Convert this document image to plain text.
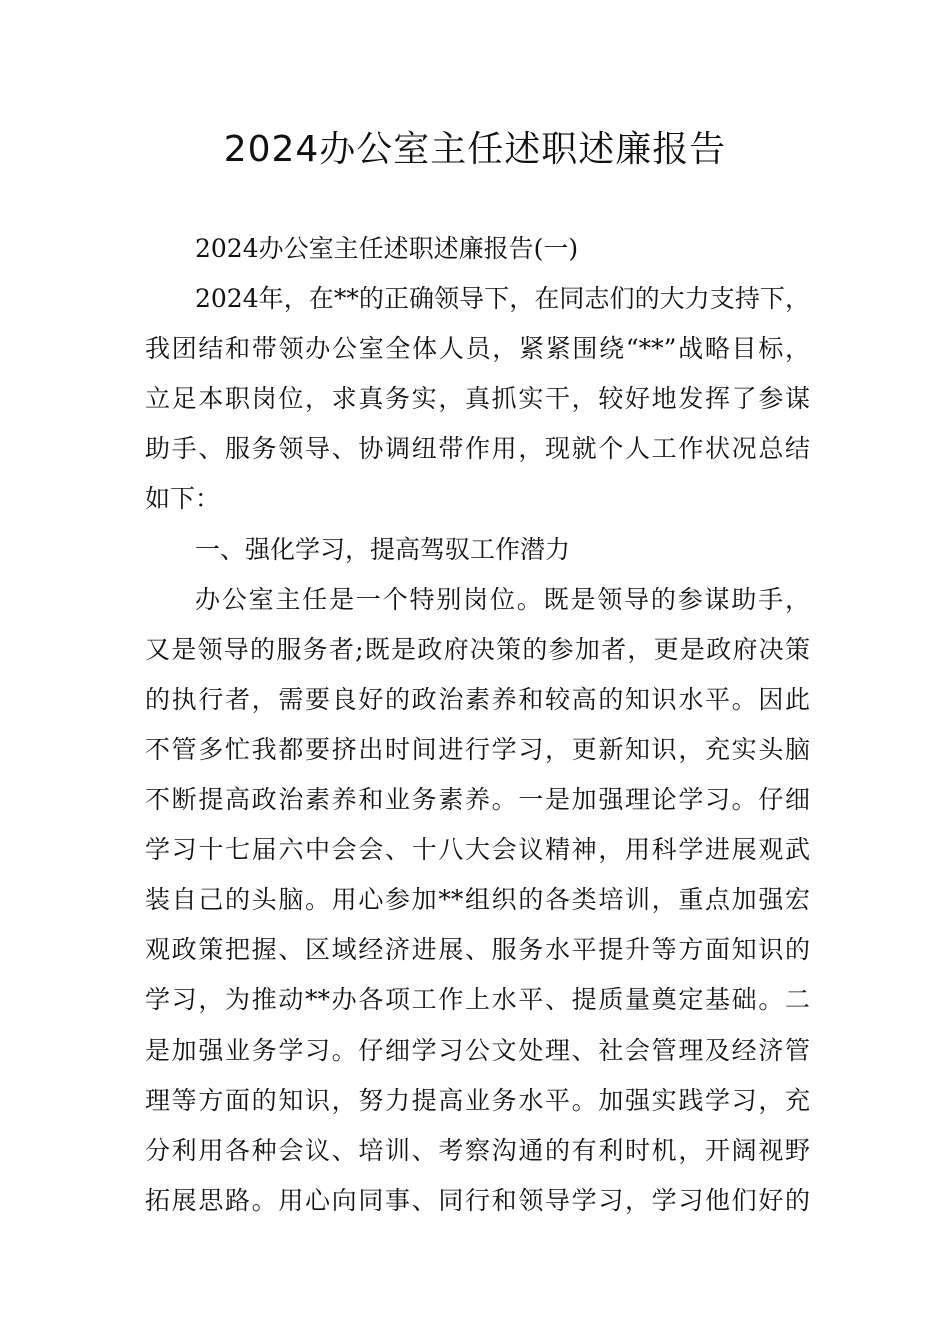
2024办公室主任述职述廉报告
2024办公室主任述职述廉报告(一)
2024年，在**的正确领导下，在同志们的大力支持下，
我团结和带领办公室全体人员，紧紧围绕“**”战略目标，
立足本职岗位，求真务实，真抓实干，较好地发挥了参谋
助手、服务领导、协调纽带作用，现就个人工作状况总结
如下：
一、强化学习，提高驾驭工作潜力
办公室主任是一个特别岗位。既是领导的参谋助手，
又是领导的服务者;既是政府决策的参加者，更是政府决策
的执行者，需要良好的政治素养和较高的知识水平。因此
不管多忙我都要挤出时间进行学习，更新知识，充实头脑
不断提高政治素养和业务素养。一是加强理论学习。仔细
学习十七届六中会会、十八大会议精神，用科学进展观武
装自己的头脑。用心参加**组织的各类培训，重点加强宏
观政策把握、区域经济进展、服务水平提升等方面知识的
学习，为推动**办各项工作上水平、提质量奠定基础。二
是加强业务学习。仔细学习公文处理、社会管理及经济管
理等方面的知识，努力提高业务水平。加强实践学习，充
分利用各种会议、培训、考察沟通的有利时机，开阔视野
拓展思路。用心向同事、同行和领导学习，学习他们好的
